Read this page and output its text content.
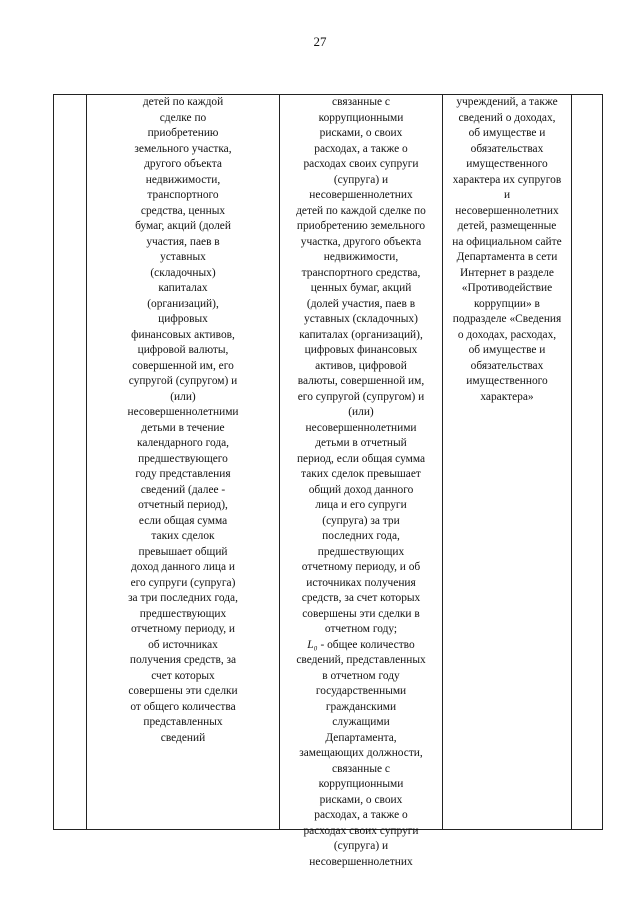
27
детей по каждой
сделке по
приобретению
земельного участка,
другого объекта
недвижимости,
транспортного
средства, ценных
бумаг, акций (долей
участия, паев в
уставных
(складочных)
капиталах
(организаций),
цифровых
финансовых активов,
цифровой валюты,
совершенной им, его
супругой (супругом) и
(или)
несовершеннолетними
детьми в течение
календарного года,
предшествующего
году представления
сведений (далее -
отчетный период),
если общая сумма
таких сделок
превышает общий
доход данного лица и
его супруги (супруга)
за три последних года,
предшествующих
отчетному периоду, и
об источниках
получения средств, за
счет которых
совершены эти сделки
от общего количества
представленных
сведений
связанные с
коррупционными
рисками, о своих
расходах, а также о
расходах своих супруги
(супруга) и
несовершеннолетних
детей по каждой сделке по
приобретению земельного
участка, другого объекта
недвижимости,
транспортного средства,
ценных бумаг, акций
(долей участия, паев в
уставных (складочных)
капиталах (организаций),
цифровых финансовых
активов, цифровой
валюты, совершенной им,
его супругой (супругом) и
(или)
несовершеннолетними
детьми в отчетный
период, если общая сумма
таких сделок превышает
общий доход данного
лица и его супруги
(супруга) за три
последних года,
предшествующих
отчетному периоду, и об
источниках получения
средств, за счет которых
совершены эти сделки в
отчетном году;
L₀ - общее количество
сведений, представленных
в отчетном году
государственными
гражданскими
служащими
Департамента,
замещающих должности,
связанные с
коррупционными
рисками, о своих
расходах, а также о
расходах своих супруги
(супруга) и
несовершеннолетних
учреждений, а также
сведений о доходах,
об имуществе и
обязательствах
имущественного
характера их супругов
и
несовершеннолетних
детей, размещенные
на официальном сайте
Департамента в сети
Интернет в разделе
«Противодействие
коррупции» в
подразделе «Сведения
о доходах, расходах,
об имуществе и
обязательствах
имущественного
характера»
